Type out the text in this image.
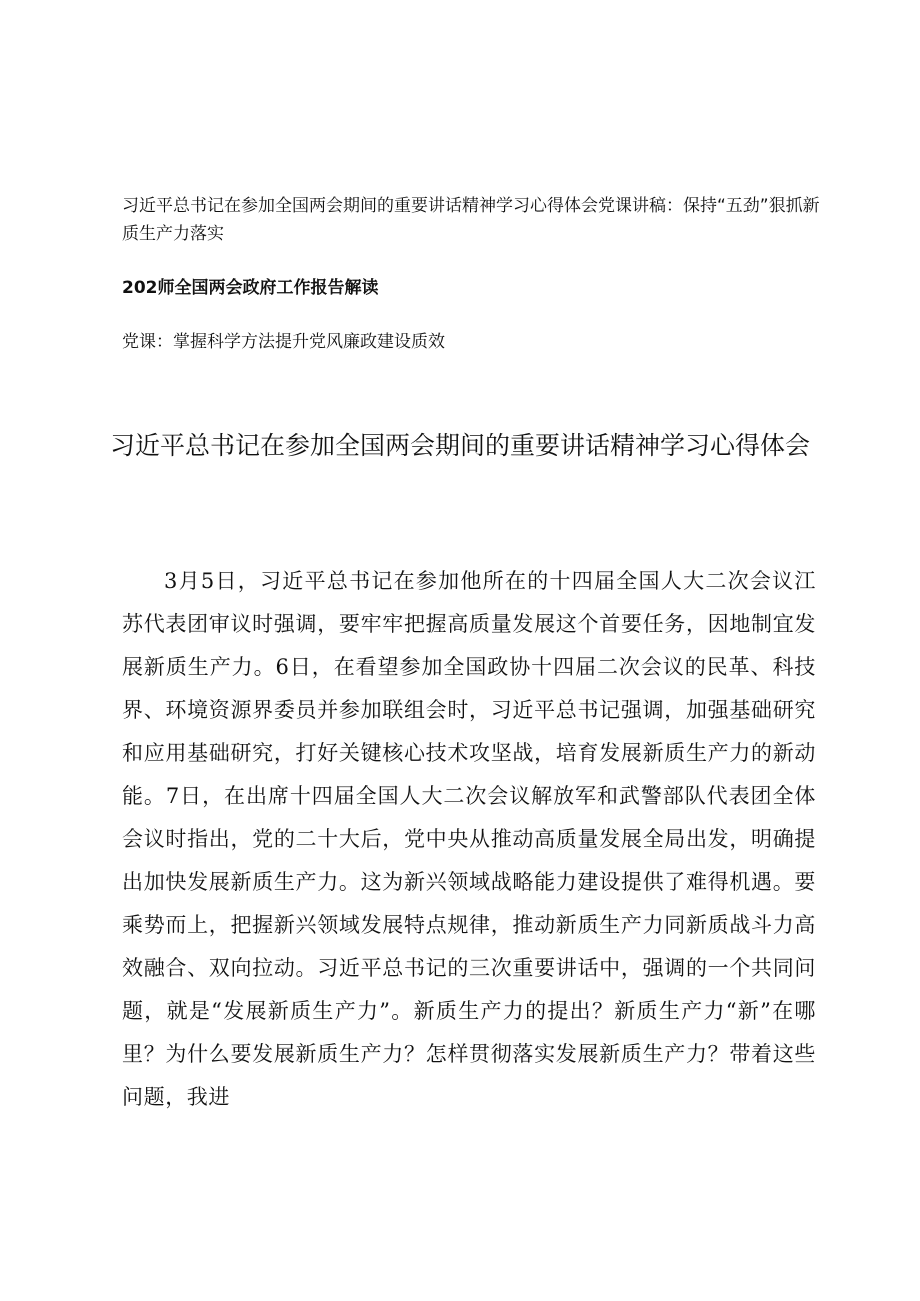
习近平总书记在参加全国两会期间的重要讲话精神学习心得体会党课讲稿：保持“五劲”狠抓新质生产力落实

202师全国两会政府工作报告解读

党课：掌握科学方法提升党风廉政建设质效

习近平总书记在参加全国两会期间的重要讲话精神学习心得体会

3月5日，习近平总书记在参加他所在的十四届全国人大二次会议江苏代表团审议时强调，要牢牢把握高质量发展这个首要任务，因地制宜发展新质生产力。6日，在看望参加全国政协十四届二次会议的民革、科技界、环境资源界委员并参加联组会时，习近平总书记强调，加强基础研究和应用基础研究，打好关键核心技术攻坚战，培育发展新质生产力的新动能。7日，在出席十四届全国人大二次会议解放军和武警部队代表团全体会议时指出，党的二十大后，党中央从推动高质量发展全局出发，明确提出加快发展新质生产力。这为新兴领域战略能力建设提供了难得机遇。要乘势而上，把握新兴领域发展特点规律，推动新质生产力同新质战斗力高效融合、双向拉动。习近平总书记的三次重要讲话中，强调的一个共同问题，就是“发展新质生产力”。新质生产力的提出？新质生产力“新”在哪里？为什么要发展新质生产力？怎样贯彻落实发展新质生产力？带着这些问题，我进
